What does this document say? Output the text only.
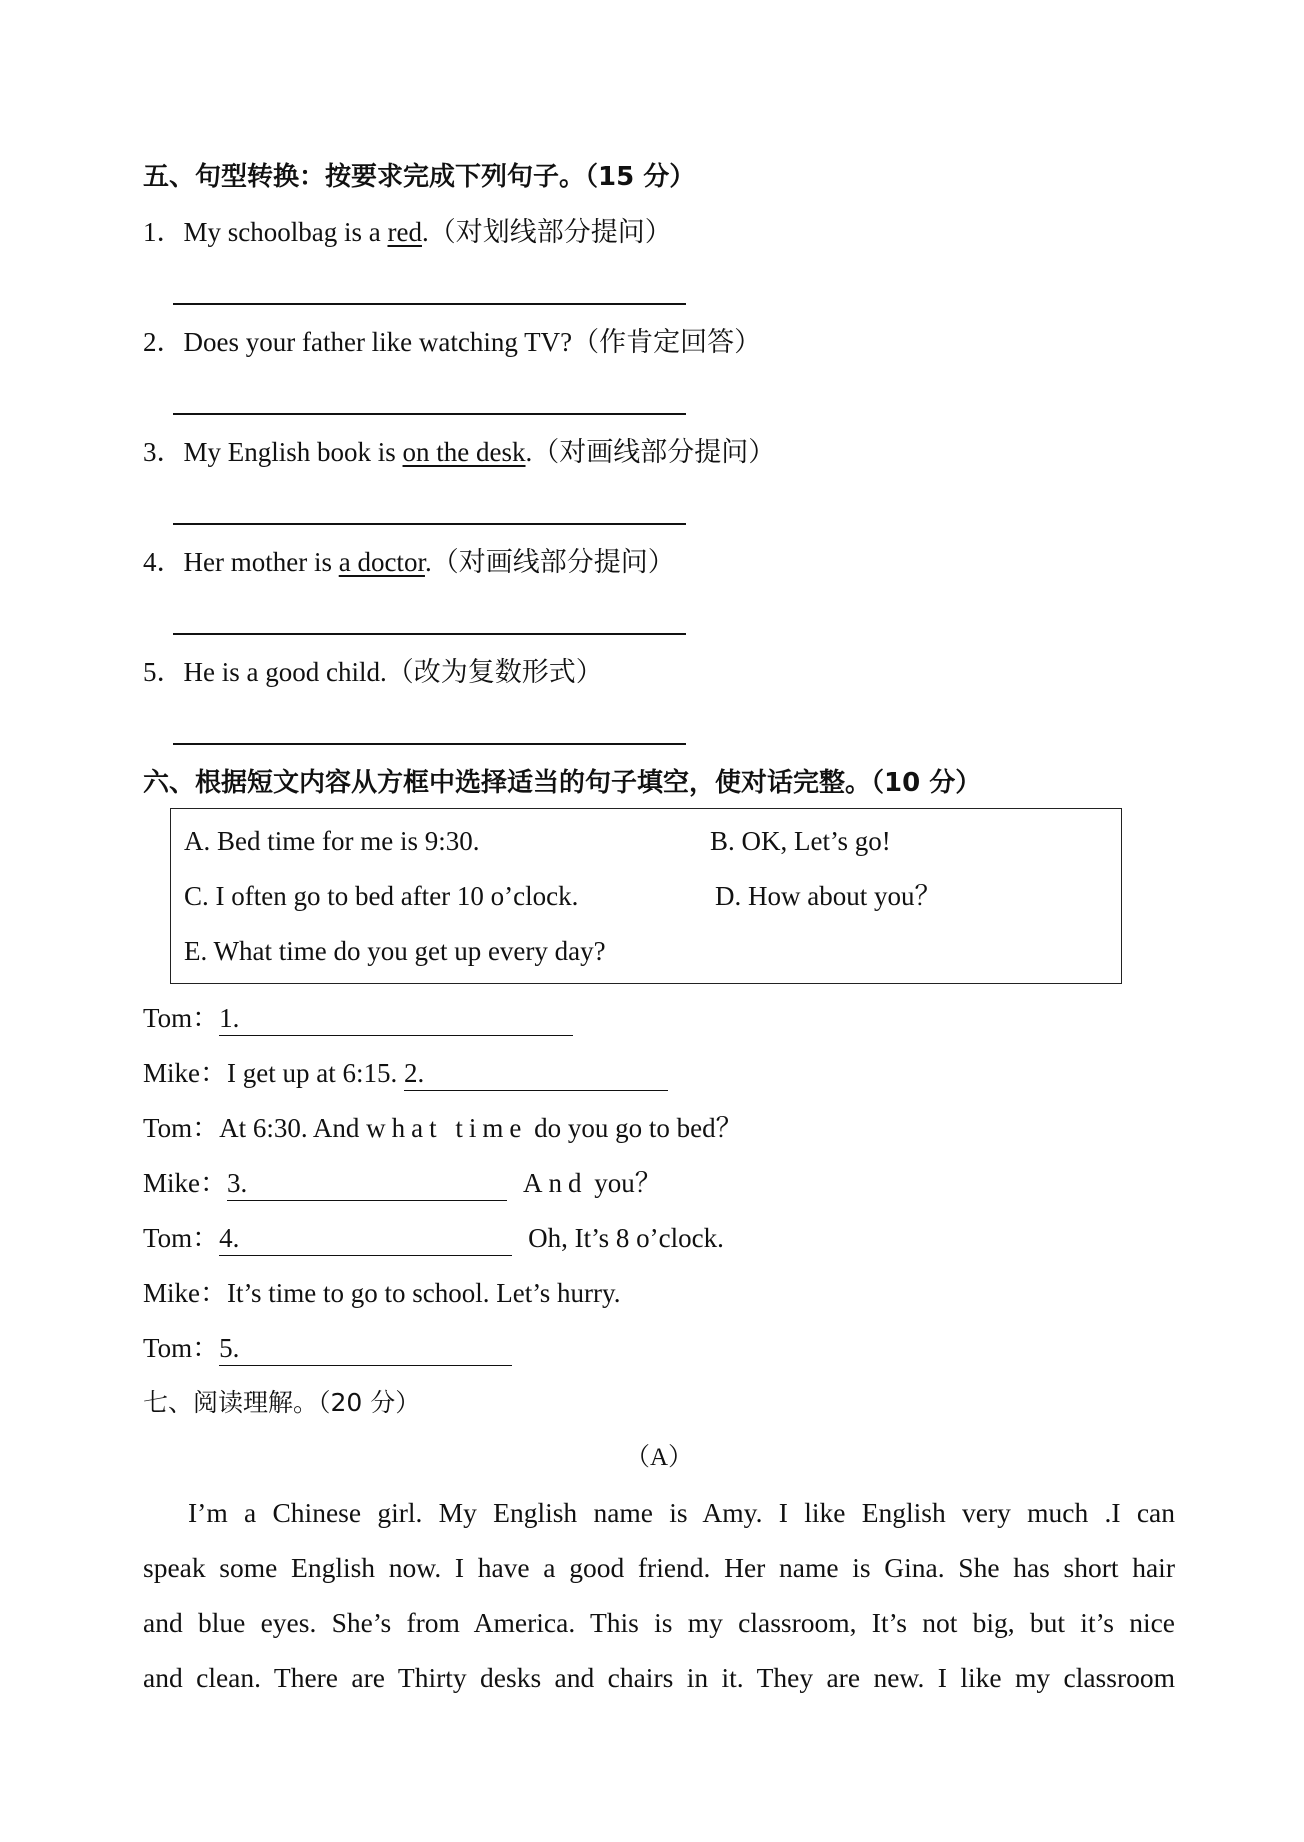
五、句型转换：按要求完成下列句子。（15 分）
1．My schoolbag is a red.（对划线部分提问）
2．Does your father like watching TV?（作肯定回答）
3．My English book is on the desk.（对画线部分提问）
4．Her mother is a doctor.（对画线部分提问）
5．He is a good child.（改为复数形式）
六、根据短文内容从方框中选择适当的句子填空，使对话完整。（10 分）
A. Bed time for me is 9:30.	B. OK, Let’s go!
C. I often go to bed after 10 o’clock.	D. How about you？
E. What time do you get up every day?
Tom：1.
Mike：I get up at 6:15. 2.
Tom：At 6:30. And what time do you go to bed？
Mike：3.	And you？
Tom：4.	Oh, It’s 8 o’clock.
Mike：It’s time to go to school. Let’s hurry.
Tom：5.
七、阅读理解。（20 分）
（A）
I’m a Chinese girl. My English name is Amy. I like English very much .I can
speak some English now. I have a good friend. Her name is Gina. She has short hair
and blue eyes. She’s from America. This is my classroom, It’s not big, but it’s nice
and clean. There are Thirty desks and chairs in it. They are new. I like my classroom
